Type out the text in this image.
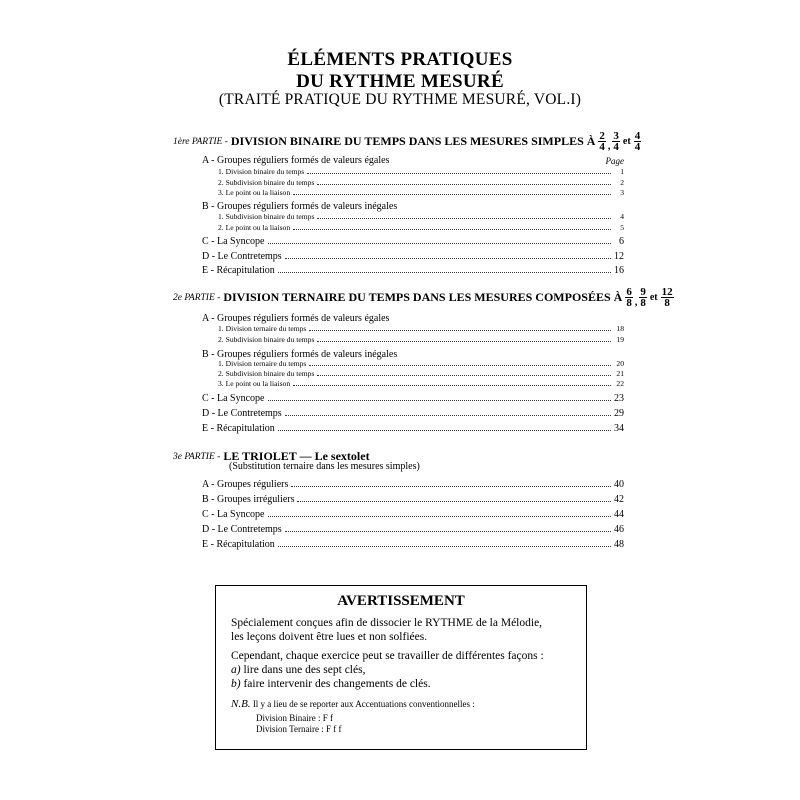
ÉLÉMENTS PRATIQUES
DU RYTHME MESURÉ
(TRAITÉ PRATIQUE DU RYTHME MESURÉ, VOL.I)
1ère PARTIE - DIVISION BINAIRE DU TEMPS DANS LES MESURES SIMPLES À $\frac{2}{4}$ , $\frac{3}{4}$ et $\frac{4}{4}$
A - Groupes réguliers formés de valeurs égales	Page
1. Division binaire du temps	1
2. Subdivision binaire du temps	2
3. Le point ou la liaison	3
B - Groupes réguliers formés de valeurs inégales
1. Subdivision binaire du temps	4
2. Le point ou la liaison	5
C - La Syncope	6
D - Le Contretemps	12
E - Récapitulation	16
2e PARTIE - DIVISION TERNAIRE DU TEMPS DANS LES MESURES COMPOSÉES À $\frac{6}{8}$ , $\frac{9}{8}$ et $\frac{12}{8}$
A - Groupes réguliers formés de valeurs égales
1. Division ternaire du temps	18
2. Subdivision binaire du temps	19
B - Groupes réguliers formés de valeurs inégales
1. Division ternaire du temps	20
2. Subdivision binaire du temps	21
3. Le point ou la liaison	22
C - La Syncope	23
D - Le Contretemps	29
E - Récapitulation	34
3e PARTIE - LE TRIOLET — Le sextolet
(Substitution ternaire dans les mesures simples)
A - Groupes réguliers	40
B - Groupes irréguliers	42
C - La Syncope	44
D - Le Contretemps	46
E - Récapitulation	48
AVERTISSEMENT
Spécialement conçues afin de dissocier le RYTHME de la Mélodie,
les leçons doivent être lues et non solfiées.
Cependant, chaque exercice peut se travailler de différentes façons :
a) lire dans une des sept clés,
b) faire intervenir des changements de clés.
N.B. Il y a lieu de se reporter aux Accentuations conventionnelles :
Division Binaire : F f
Division Ternaire : F f f
